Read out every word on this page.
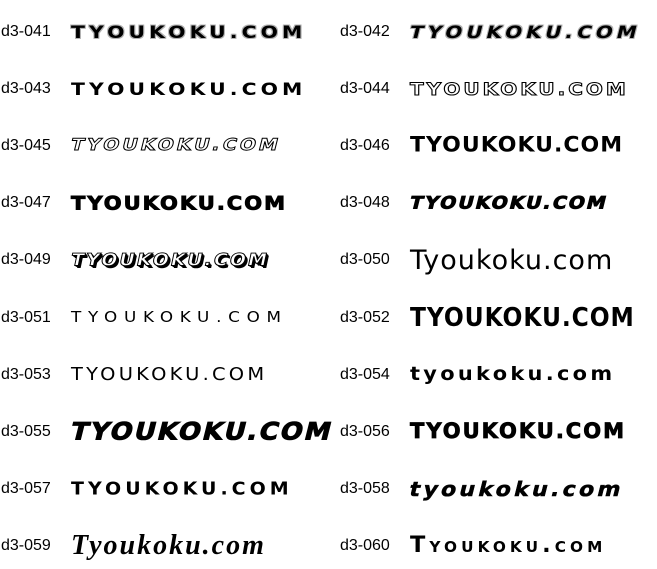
d3-041	TYOUKOKU.COM d3-042 TYOUKOKU.COM
d3-043	TYOUKOKU.COM d3-044	TYOUKOKU.COM
d3-045 TYOUKOKU.COM	d3-046 TYOUKOKU.COM
d3-047 TYOUKOKU.COM	d3-048 TYOUKOKU.COM
d3-049 TYOUKOKU.COM	d3-050 Tyoukoku.com
d3-051	TYOUKOKU.COM	d3-052 TYOUKOKU.COM
d3-053	TYOUKOKU.COM	d3-054	tyoukoku.com
d3-055 TYOUKOKU.COM d3-056 TYOUKOKU.COM
d3-057	TYOUKOKU.COM	d3-058 tyoukoku.com
d3-059 Tyoukoku.com	d3-060 Tyoukoku.com
